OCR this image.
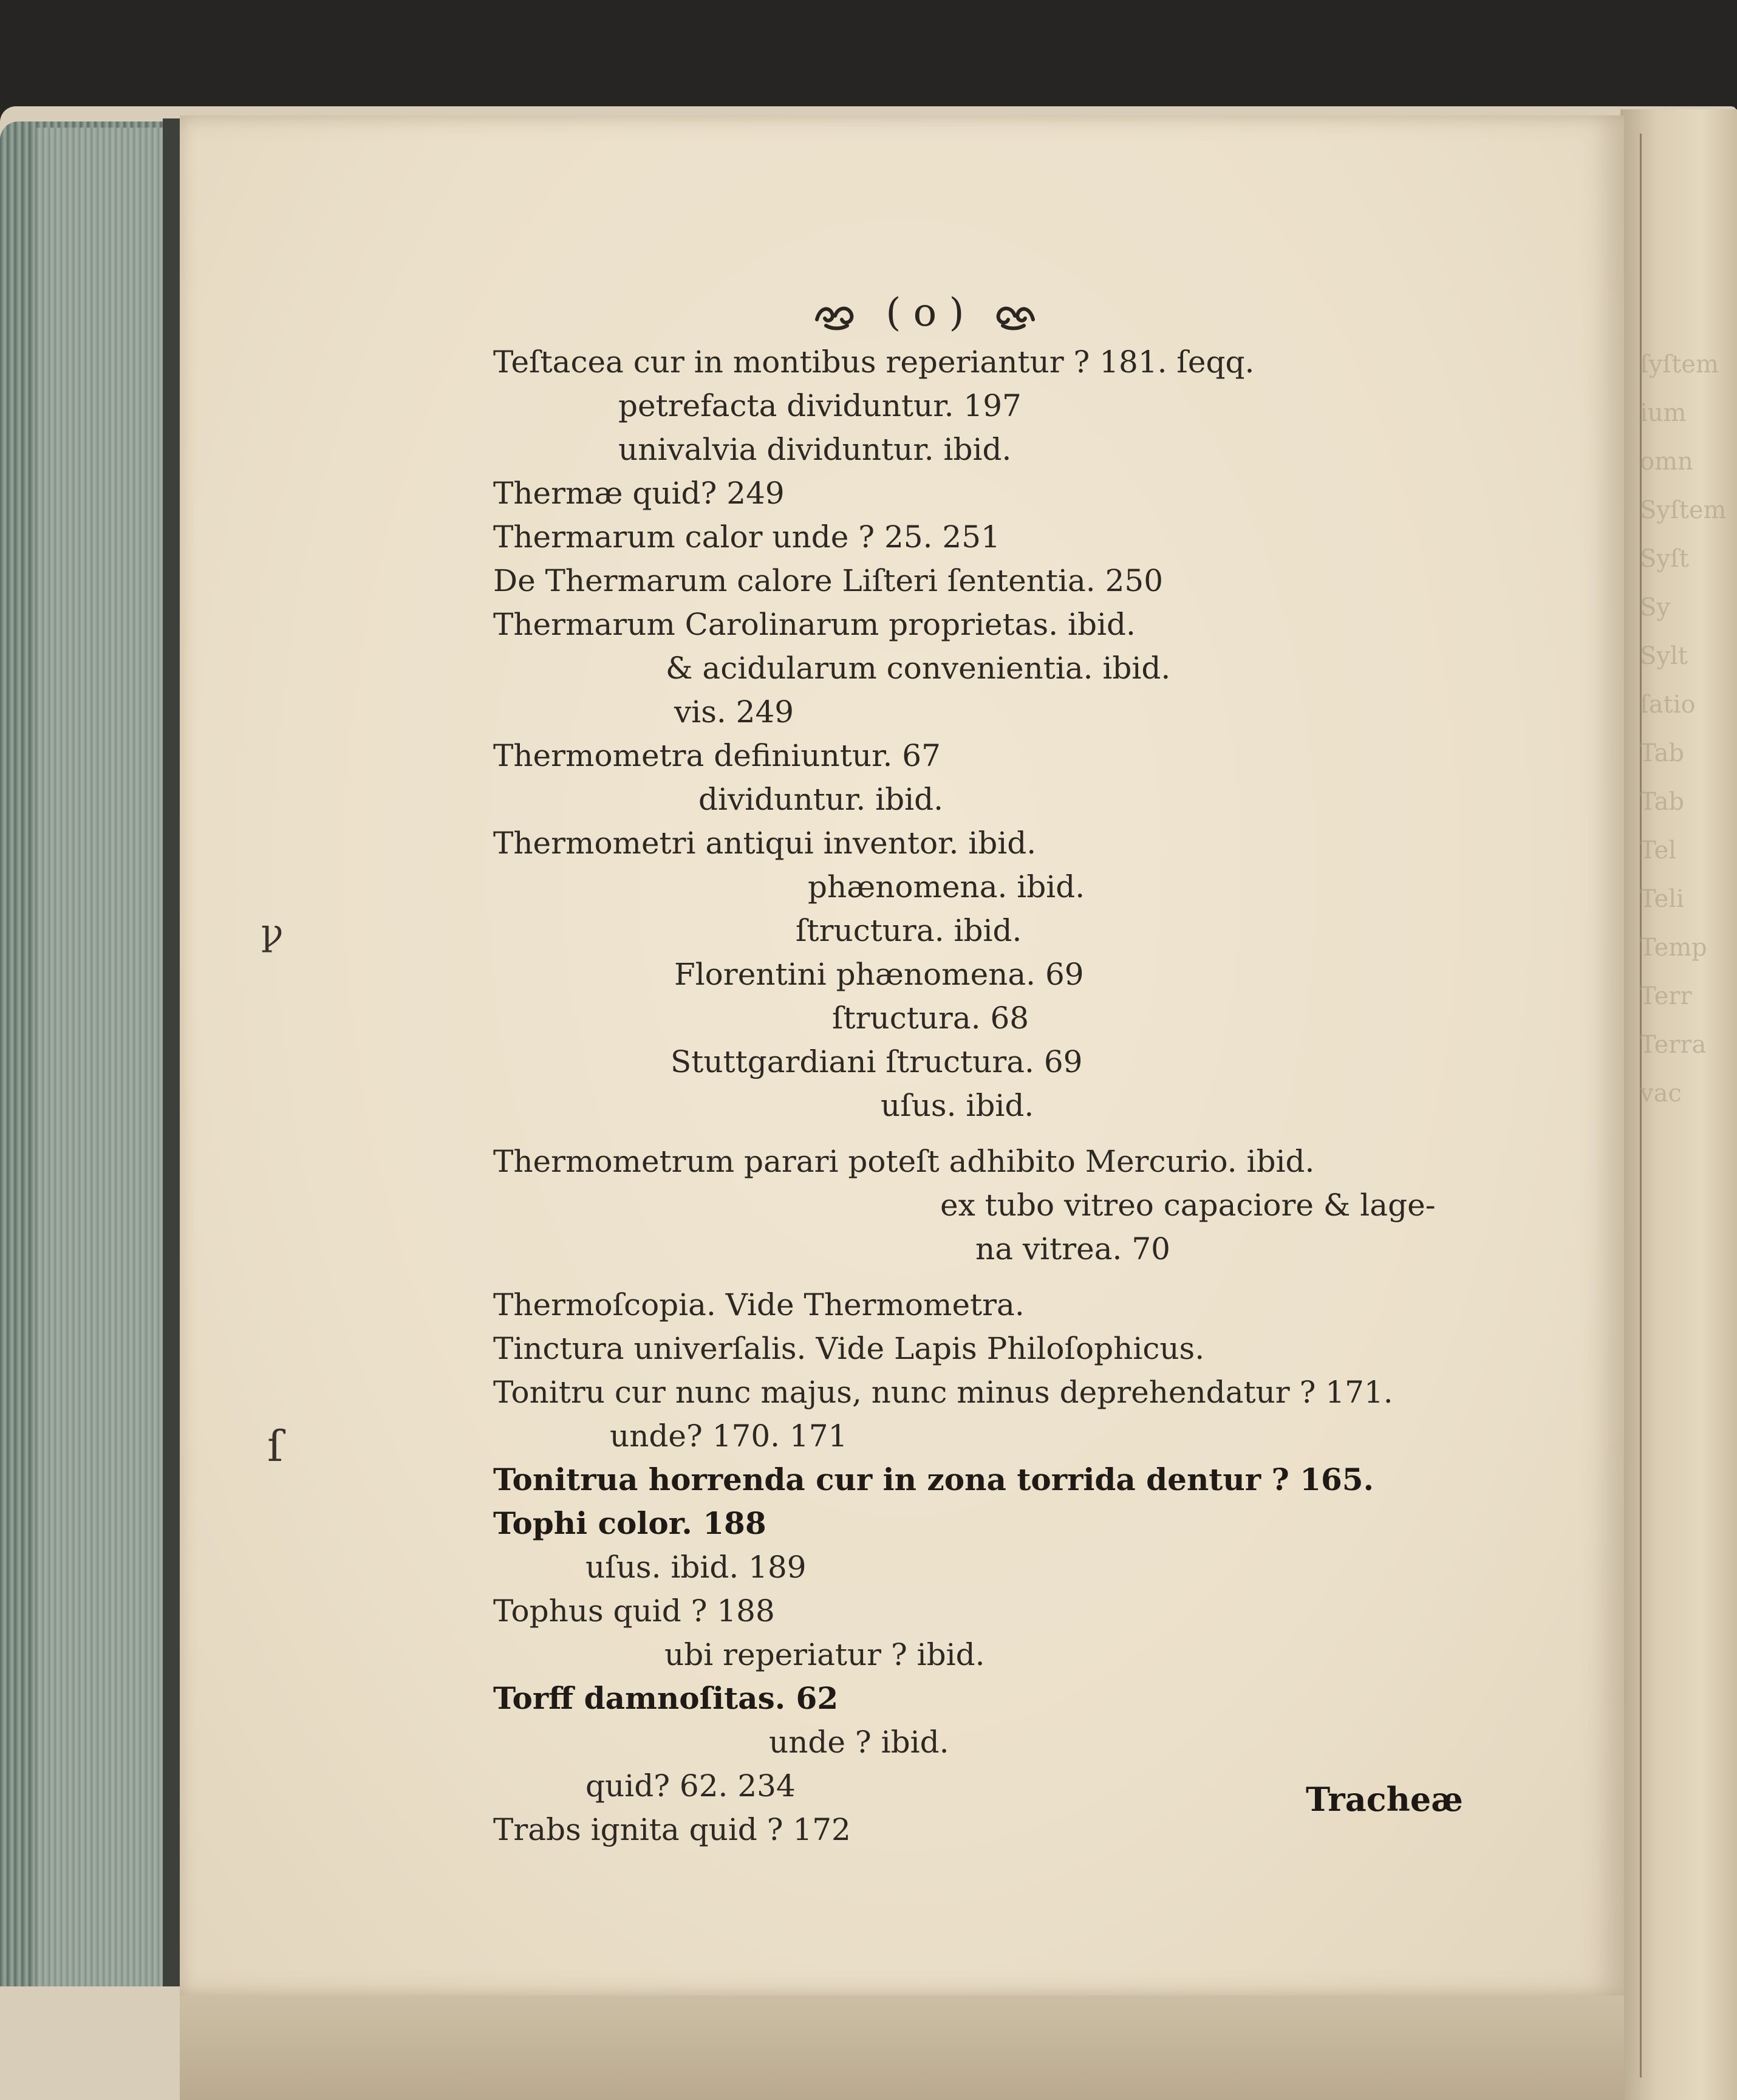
ſyſtem
ium
omn
Syſtem
Syſt
Sy
Sylt
ſatio
Tab
Tab
Tel
Teli
Temp
Terr
Terra
vac
( o )
Teſtacea cur in montibus reperiantur ? 181. ſeqq.
petrefacta dividuntur. 197
univalvia dividuntur. ibid.
Thermæ quid? 249
Thermarum calor unde ? 25. 251
De Thermarum calore Liſteri ſententia. 250
Thermarum Carolinarum proprietas. ibid.
& acidularum convenientia. ibid.
vis. 249
Thermometra definiuntur. 67
dividuntur. ibid.
Thermometri antiqui inventor. ibid.
phænomena. ibid.
ſtructura. ibid.
Florentini phænomena. 69
ſtructura. 68
Stuttgardiani ſtructura. 69
uſus. ibid.
Thermometrum parari poteſt adhibito Mercurio. ibid.
ex tubo vitreo capaciore & lage-
na vitrea. 70
Thermoſcopia. Vide Thermometra.
Tinctura univerſalis. Vide Lapis Philoſophicus.
Tonitru cur nunc majus, nunc minus deprehendatur ? 171.
unde? 170. 171
Tonitrua horrenda cur in zona torrida dentur ? 165.
Tophi color. 188
uſus. ibid. 189
Tophus quid ? 188
ubi reperiatur ? ibid.
Torff damnoſitas. 62
unde ? ibid.
quid? 62. 234
Trabs ignita quid ? 172
Tracheæ
ꝩ
ſ
